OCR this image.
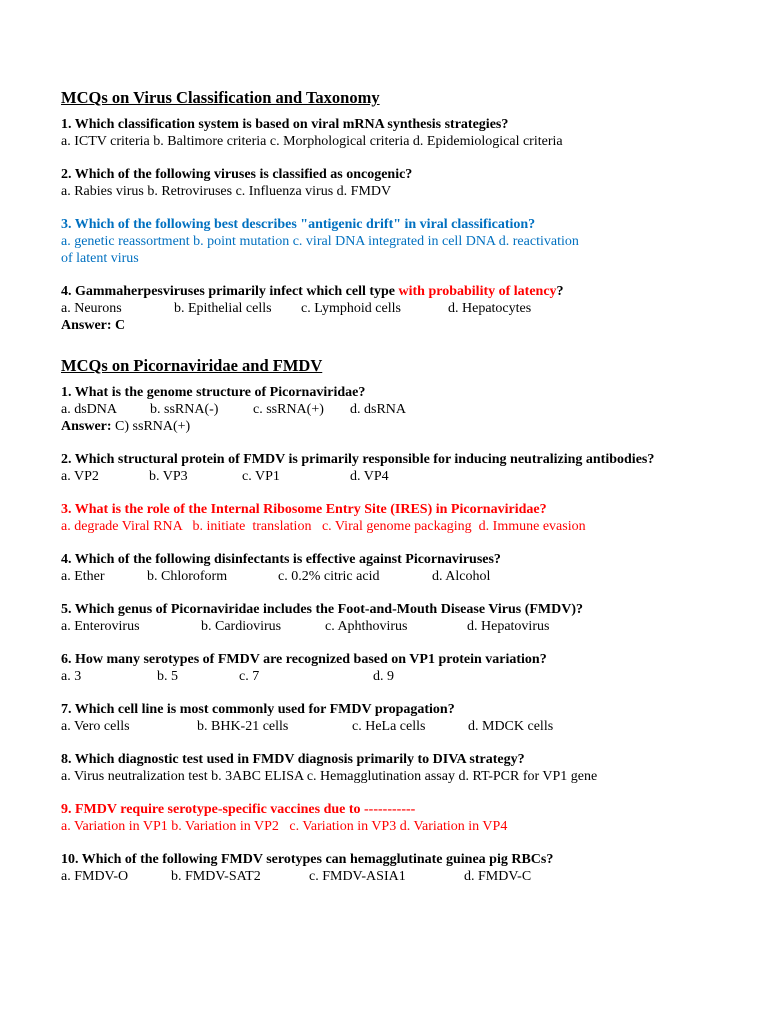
MCQs on Virus Classification and Taxonomy
1. Which classification system is based on viral mRNA synthesis strategies?
a. ICTV criteria b. Baltimore criteria c. Morphological criteria d. Epidemiological criteria
2. Which of the following viruses is classified as oncogenic?
a. Rabies virus b. Retroviruses c. Influenza virus d. FMDV
3. Which of the following best describes "antigenic drift" in viral classification?
a. genetic reassortment b. point mutation c. viral DNA integrated in cell DNA d. reactivation
of latent virus
4. Gammaherpesviruses primarily infect which cell type with probability of latency?
a. Neurons	b. Epithelial cells	c. Lymphoid cells	d. Hepatocytes
Answer: C
MCQs on Picornaviridae and FMDV
1. What is the genome structure of Picornaviridae?
a. dsDNA	b. ssRNA(-)	c. ssRNA(+)	d. dsRNA
Answer: C) ssRNA(+)
2. Which structural protein of FMDV is primarily responsible for inducing neutralizing antibodies?
a. VP2	b. VP3	c. VP1	d. VP4
3. What is the role of the Internal Ribosome Entry Site (IRES) in Picornaviridae?
a. degrade Viral RNA   b. initiate  translation   c. Viral genome packaging  d. Immune evasion
4. Which of the following disinfectants is effective against Picornaviruses?
a. Ether	b. Chloroform	c. 0.2% citric acid	d. Alcohol
5. Which genus of Picornaviridae includes the Foot-and-Mouth Disease Virus (FMDV)?
a. Enterovirus	b. Cardiovirus	c. Aphthovirus	d. Hepatovirus
6. How many serotypes of FMDV are recognized based on VP1 protein variation?
a. 3	b. 5	c. 7	d. 9
7. Which cell line is most commonly used for FMDV propagation?
a. Vero cells	b. BHK-21 cells	c. HeLa cells	d. MDCK cells
8. Which diagnostic test used in FMDV diagnosis primarily to DIVA strategy?
a. Virus neutralization test b. 3ABC ELISA c. Hemagglutination assay d. RT-PCR for VP1 gene
9. FMDV require serotype-specific vaccines due to -----------
a. Variation in VP1 b. Variation in VP2   c. Variation in VP3 d. Variation in VP4
10. Which of the following FMDV serotypes can hemagglutinate guinea pig RBCs?
a. FMDV-O	b. FMDV-SAT2	c. FMDV-ASIA1	d. FMDV-C
